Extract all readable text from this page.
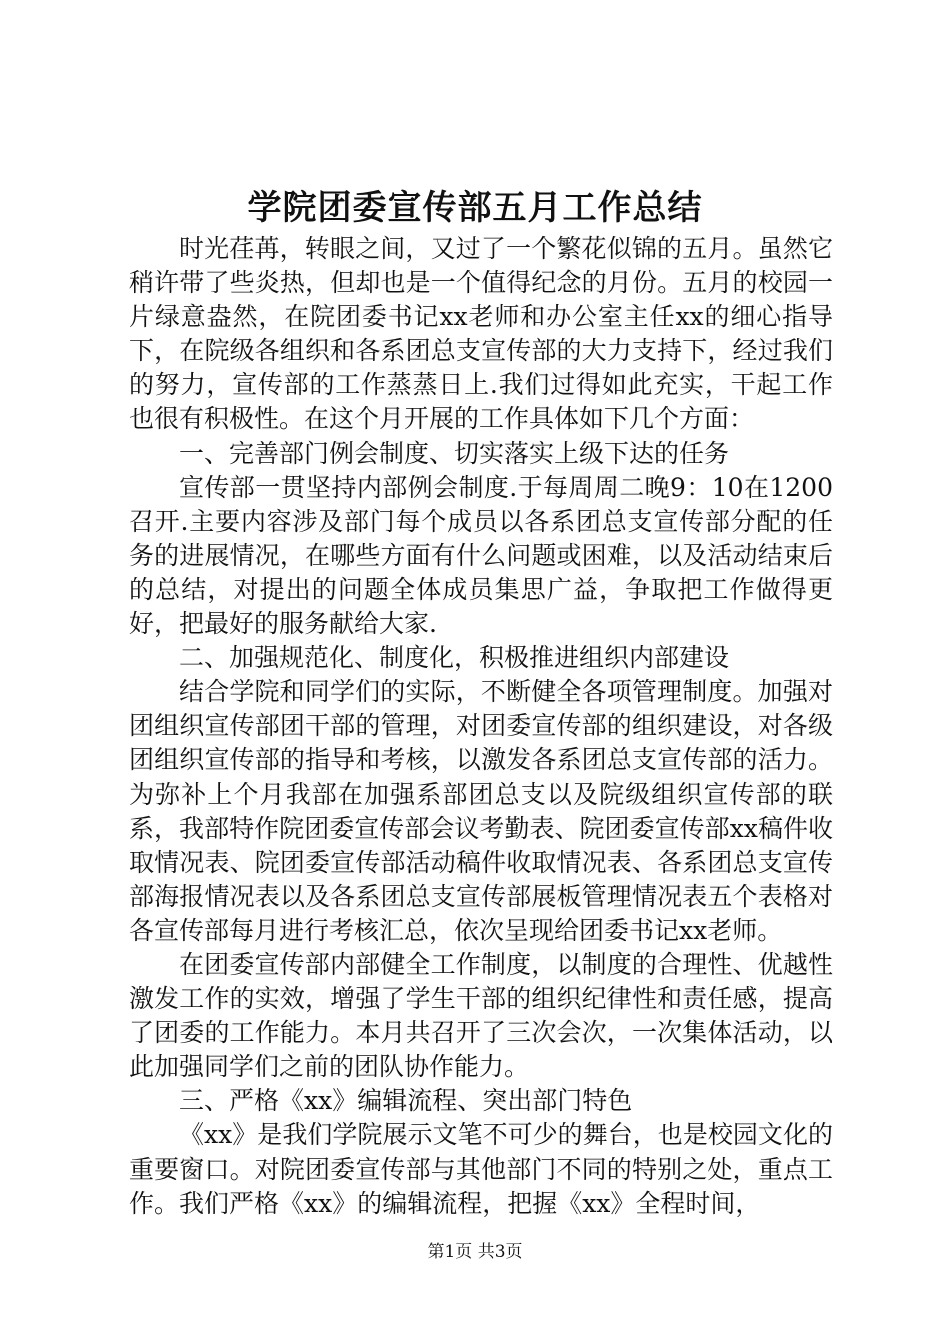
学院团委宣传部五月工作总结

时光荏苒，转眼之间，又过了一个繁花似锦的五月。虽然它稍许带了些炎热，但却也是一个值得纪念的月份。五月的校园一片绿意盎然，在院团委书记xx老师和办公室主任xx的细心指导下，在院级各组织和各系团总支宣传部的大力支持下，经过我们的努力，宣传部的工作蒸蒸日上.我们过得如此充实，干起工作也很有积极性。在这个月开展的工作具体如下几个方面：

一、完善部门例会制度、切实落实上级下达的任务

宣传部一贯坚持内部例会制度.于每周周二晚9：10在1200召开.主要内容涉及部门每个成员以各系团总支宣传部分配的任务的进展情况，在哪些方面有什么问题或困难，以及活动结束后的总结，对提出的问题全体成员集思广益，争取把工作做得更好，把最好的服务献给大家.

二、加强规范化、制度化，积极推进组织内部建设

结合学院和同学们的实际，不断健全各项管理制度。加强对团组织宣传部团干部的管理，对团委宣传部的组织建设，对各级团组织宣传部的指导和考核，以激发各系团总支宣传部的活力。为弥补上个月我部在加强系部团总支以及院级组织宣传部的联系，我部特作院团委宣传部会议考勤表、院团委宣传部xx稿件收取情况表、院团委宣传部活动稿件收取情况表、各系团总支宣传部海报情况表以及各系团总支宣传部展板管理情况表五个表格对各宣传部每月进行考核汇总，依次呈现给团委书记xx老师。

在团委宣传部内部健全工作制度，以制度的合理性、优越性激发工作的实效，增强了学生干部的组织纪律性和责任感，提高了团委的工作能力。本月共召开了三次会次，一次集体活动，以此加强同学们之前的团队协作能力。

三、严格《xx》编辑流程、突出部门特色

《xx》是我们学院展示文笔不可少的舞台，也是校园文化的重要窗口。对院团委宣传部与其他部门不同的特别之处，重点工作。我们严格《xx》的编辑流程，把握《xx》全程时间，

第1页 共3页
